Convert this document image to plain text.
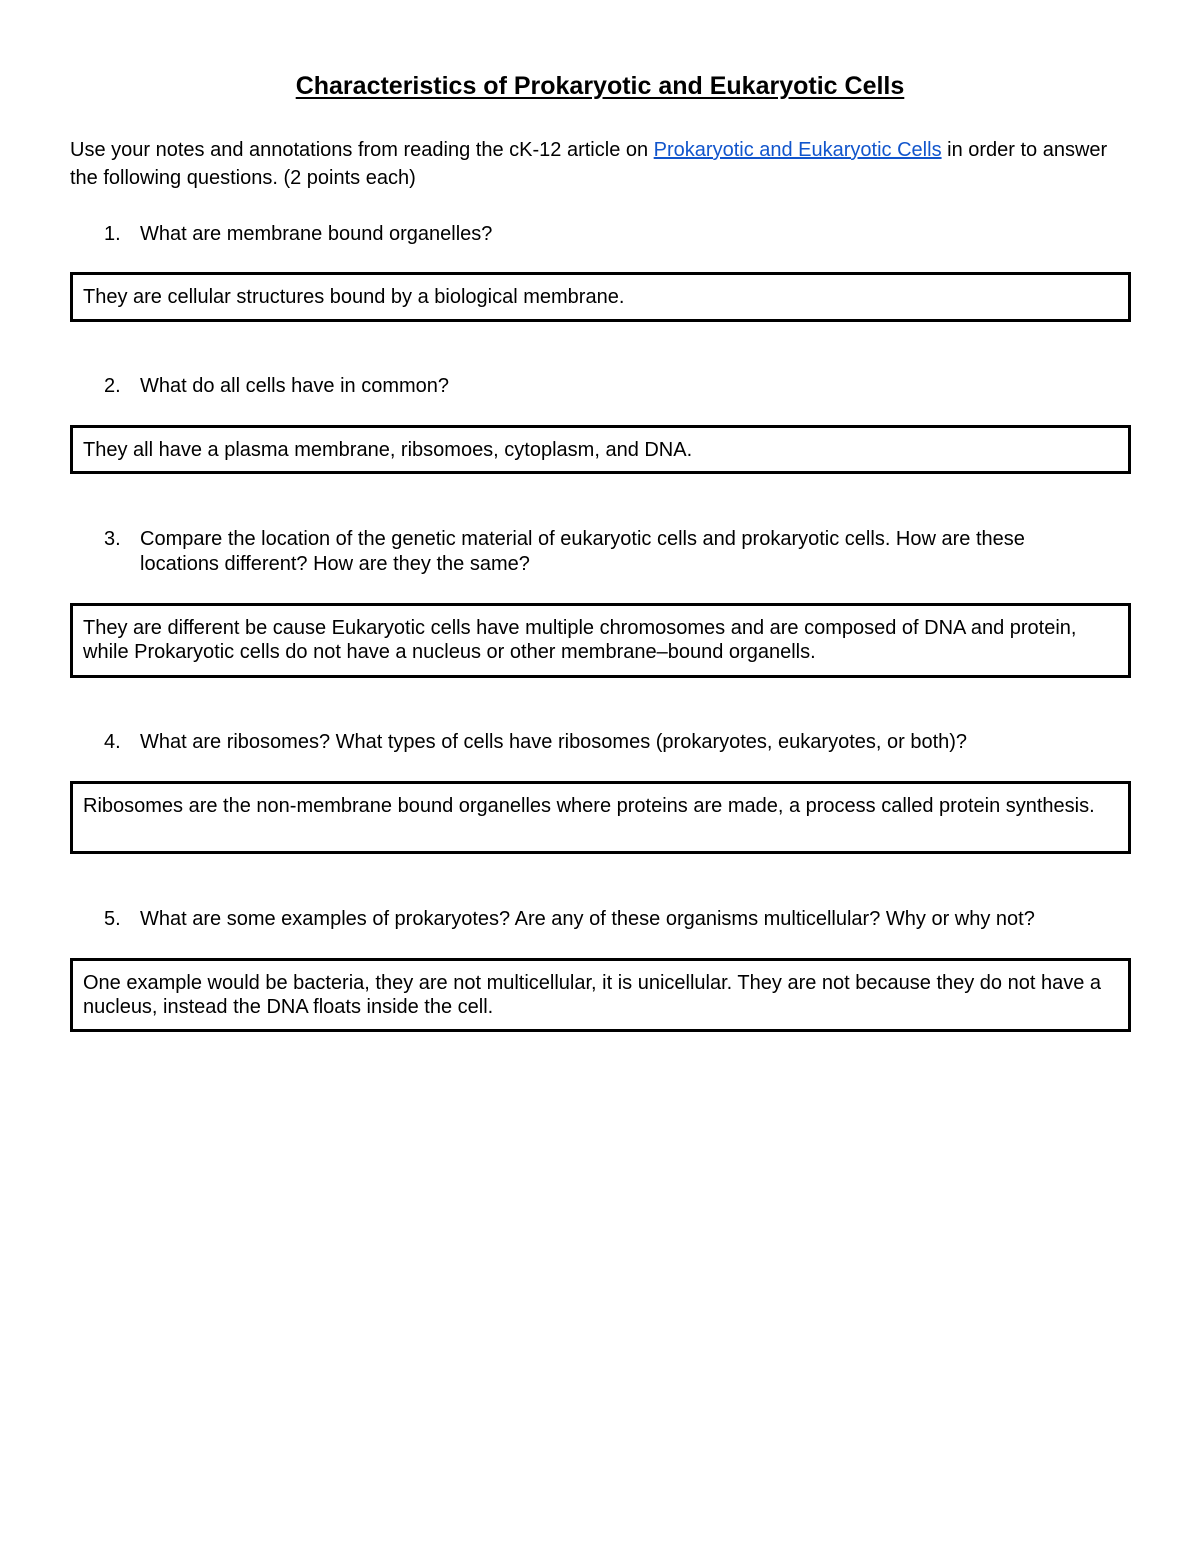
Characteristics of Prokaryotic and Eukaryotic Cells

Use your notes and annotations from reading the cK-12 article on Prokaryotic and Eukaryotic Cells in order to answer the following questions. (2 points each)

1. What are membrane bound organelles?
They are cellular structures bound by a biological membrane.
2. What do all cells have in common?
They all have a plasma membrane, ribsomoes, cytoplasm, and DNA.
3. Compare the location of the genetic material of eukaryotic cells and prokaryotic cells. How are these locations different? How are they the same?
They are different be cause Eukaryotic cells have multiple chromosomes and are composed of DNA and protein, while Prokaryotic cells do not have a nucleus or other membrane–bound organells.
4. What are ribosomes? What types of cells have ribosomes (prokaryotes, eukaryotes, or both)?
Ribosomes are the non-membrane bound organelles where proteins are made, a process called protein synthesis.
5. What are some examples of prokaryotes? Are any of these organisms multicellular? Why or why not?
One example would be bacteria, they are not multicellular, it is unicellular. They are not because they do not have a nucleus, instead the DNA floats inside the cell.
